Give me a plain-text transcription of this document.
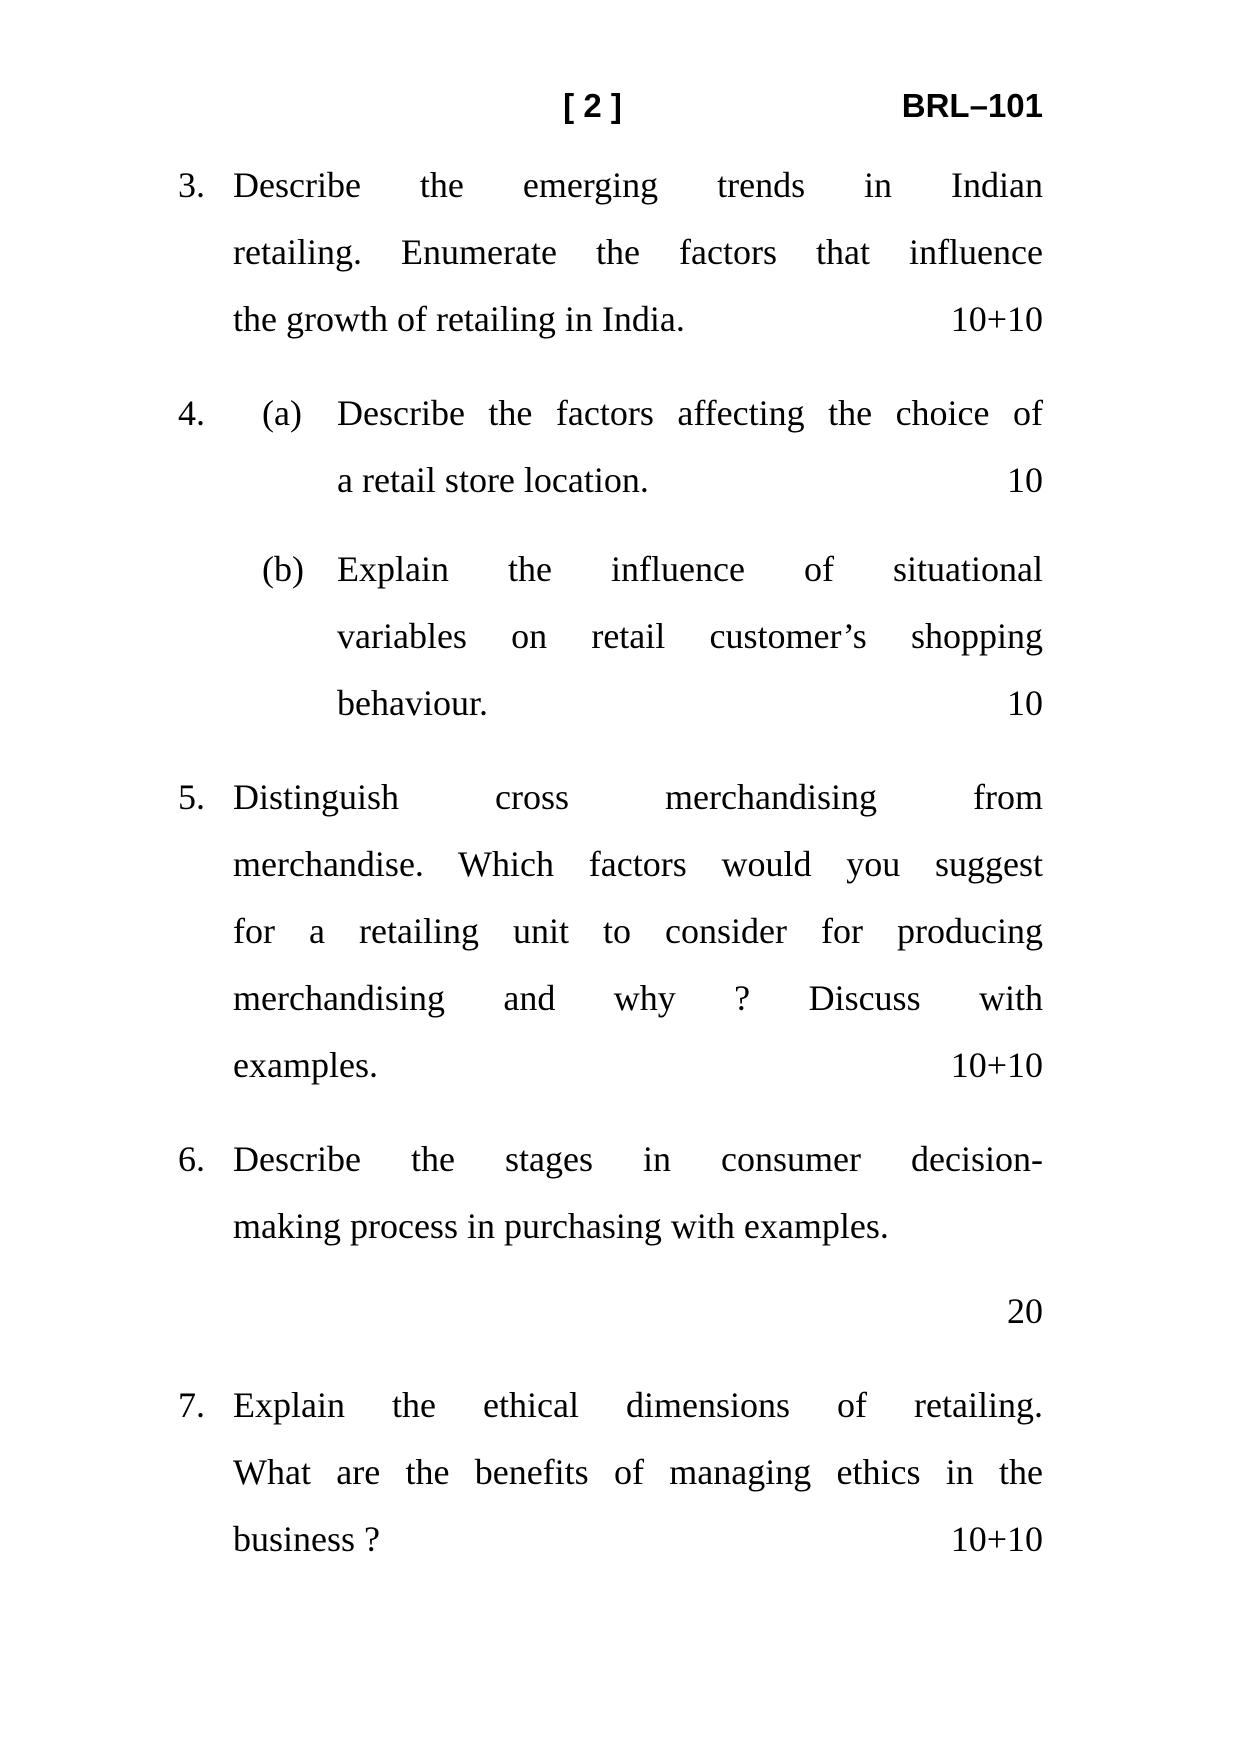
[ 2 ]	BRL–101
3. Describe the emerging trends in Indian
retailing. Enumerate the factors that influence
the growth of retailing in India.	10+10
4.	(a) Describe the factors affecting the choice of
a retail store location.	10
(b) Explain the influence of situational
variables on retail customer’s shopping
behaviour.	10
5. Distinguish cross merchandising from
merchandise. Which factors would you suggest
for a retailing unit to consider for producing
merchandising and why ? Discuss with
examples.	10+10
6. Describe the stages in consumer decision-
making process in purchasing with examples.
20
7. Explain the ethical dimensions of retailing.
What are the benefits of managing ethics in the
business ?	10+10
